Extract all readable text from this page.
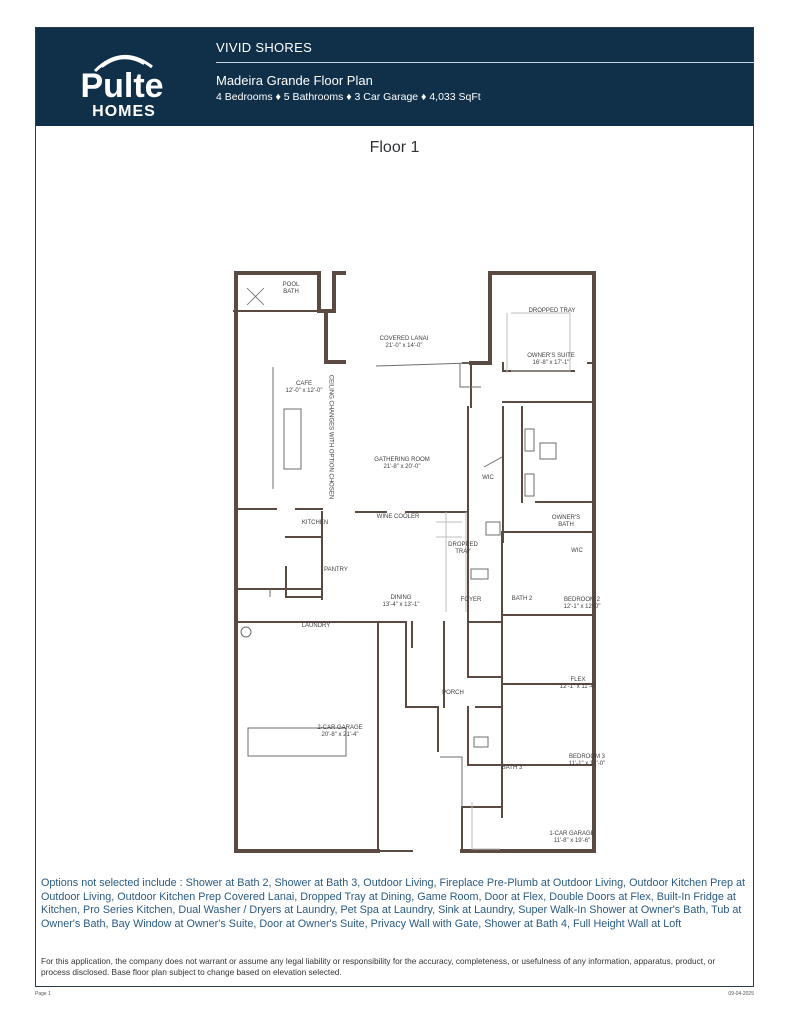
Pulte
HOMES
VIVID SHORES
Madeira Grande Floor Plan
4 Bedrooms ♦ 5 Bathrooms ♦ 3 Car Garage ♦ 4,033 SqFt
Floor 1
POOL
BATH
COVERED LANAI
21'-0" x 14'-0"
DROPPED TRAY
OWNER'S SUITE
16'-8" x 17'-1"
CAFE
12'-0" x 12'-0" CEILING CHANGES WITH OPTION CHOSEN	GATHERING ROOM
21'-8" x 20'-0"
WIC
KITCHEN
OWNER'S
BATH
WIC
DROPPED
TRAY
WINE COOLER
PANTRY
DINING
13'-4" x 13'-1"
FOYER	BATH 2	BEDROOM 2
12'-1" x 12'-0"
LAUNDRY
FLEX
12'-1" x 11'-4"
PORCH
2-CAR GARAGE
20'-8" x 21'-4"
BEDROOM 3
11'-1" x 12'-0"
BATH 3
1-CAR GARAGE
11'-8" x 19'-6"
Options not selected include : Shower at Bath 2, Shower at Bath 3, Outdoor Living, Fireplace Pre-Plumb at Outdoor Living, Outdoor Kitchen Prep at Outdoor Living, Outdoor Kitchen Prep Covered Lanai, Dropped Tray at Dining, Game Room, Door at Flex, Double Doors at Flex, Built-In Fridge at Kitchen, Pro Series Kitchen, Dual Washer / Dryers at Laundry, Pet Spa at Laundry, Sink at Laundry, Super Walk-In Shower at Owner's Bath, Tub at Owner's Bath, Bay Window at Owner's Suite, Door at Owner's Suite, Privacy Wall with Gate, Shower at Bath 4, Full Height Wall at Loft
For this application, the company does not warrant or assume any legal liability or responsibility for the accuracy, completeness, or usefulness of any information, apparatus, product, or process disclosed. Base floor plan subject to change based on elevation selected.
Page 1	09-04-2025
